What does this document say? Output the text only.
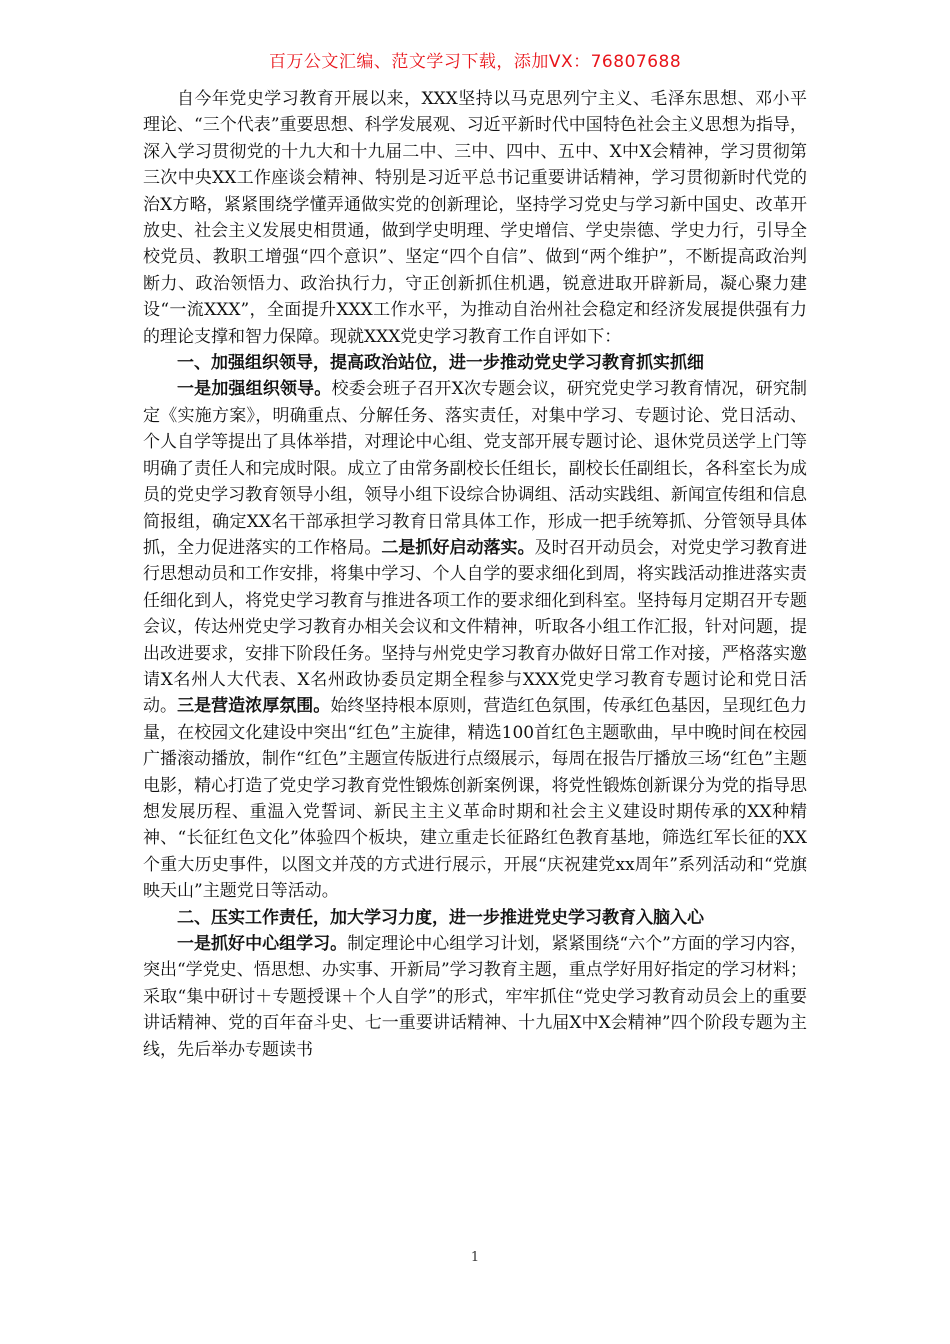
百万公文汇编、范文学习下载，添加VX：76807688

自今年党史学习教育开展以来，XXX坚持以马克思列宁主义、毛泽东思想、邓小平理论、“三个代表”重要思想、科学发展观、习近平新时代中国特色社会主义思想为指导，深入学习贯彻党的十九大和十九届二中、三中、四中、五中、X中X会精神，学习贯彻第三次中央XX工作座谈会精神、特别是习近平总书记重要讲话精神，学习贯彻新时代党的治X方略，紧紧围绕学懂弄通做实党的创新理论，坚持学习党史与学习新中国史、改革开放史、社会主义发展史相贯通，做到学史明理、学史增信、学史崇德、学史力行，引导全校党员、教职工增强“四个意识”、坚定“四个自信”、做到“两个维护”，不断提高政治判断力、政治领悟力、政治执行力，守正创新抓住机遇，锐意进取开辟新局，凝心聚力建设“一流XXX”，全面提升XXX工作水平，为推动自治州社会稳定和经济发展提供强有力的理论支撑和智力保障。现就XXX党史学习教育工作自评如下：

一、加强组织领导，提高政治站位，进一步推动党史学习教育抓实抓细

一是加强组织领导。校委会班子召开X次专题会议，研究党史学习教育情况，研究制定《实施方案》，明确重点、分解任务、落实责任，对集中学习、专题讨论、党日活动、个人自学等提出了具体举措，对理论中心组、党支部开展专题讨论、退休党员送学上门等明确了责任人和完成时限。成立了由常务副校长任组长，副校长任副组长，各科室长为成员的党史学习教育领导小组，领导小组下设综合协调组、活动实践组、新闻宣传组和信息简报组，确定XX名干部承担学习教育日常具体工作，形成一把手统筹抓、分管领导具体抓，全力促进落实的工作格局。二是抓好启动落实。及时召开动员会，对党史学习教育进行思想动员和工作安排，将集中学习、个人自学的要求细化到周，将实践活动推进落实责任细化到人，将党史学习教育与推进各项工作的要求细化到科室。坚持每月定期召开专题会议，传达州党史学习教育办相关会议和文件精神，听取各小组工作汇报，针对问题，提出改进要求，安排下阶段任务。坚持与州党史学习教育办做好日常工作对接，严格落实邀请X名州人大代表、X名州政协委员定期全程参与XXX党史学习教育专题讨论和党日活动。三是营造浓厚氛围。始终坚持根本原则，营造红色氛围，传承红色基因，呈现红色力量，在校园文化建设中突出“红色”主旋律，精选100首红色主题歌曲，早中晚时间在校园广播滚动播放，制作“红色”主题宣传版进行点缀展示，每周在报告厅播放三场“红色”主题电影，精心打造了党史学习教育党性锻炼创新案例课，将党性锻炼创新课分为党的指导思想发展历程、重温入党誓词、新民主主义革命时期和社会主义建设时期传承的XX种精神、“长征红色文化”体验四个板块，建立重走长征路红色教育基地，筛选红军长征的XX个重大历史事件，以图文并茂的方式进行展示，开展“庆祝建党xx周年”系列活动和“党旗映天山”主题党日等活动。

二、压实工作责任，加大学习力度，进一步推进党史学习教育入脑入心

一是抓好中心组学习。制定理论中心组学习计划，紧紧围绕“六个”方面的学习内容，突出“学党史、悟思想、办实事、开新局”学习教育主题，重点学好用好指定的学习材料；采取“集中研讨＋专题授课＋个人自学”的形式，牢牢抓住“党史学习教育动员会上的重要讲话精神、党的百年奋斗史、七一重要讲话精神、十九届X中X会精神”四个阶段专题为主线，先后举办专题读书

1
